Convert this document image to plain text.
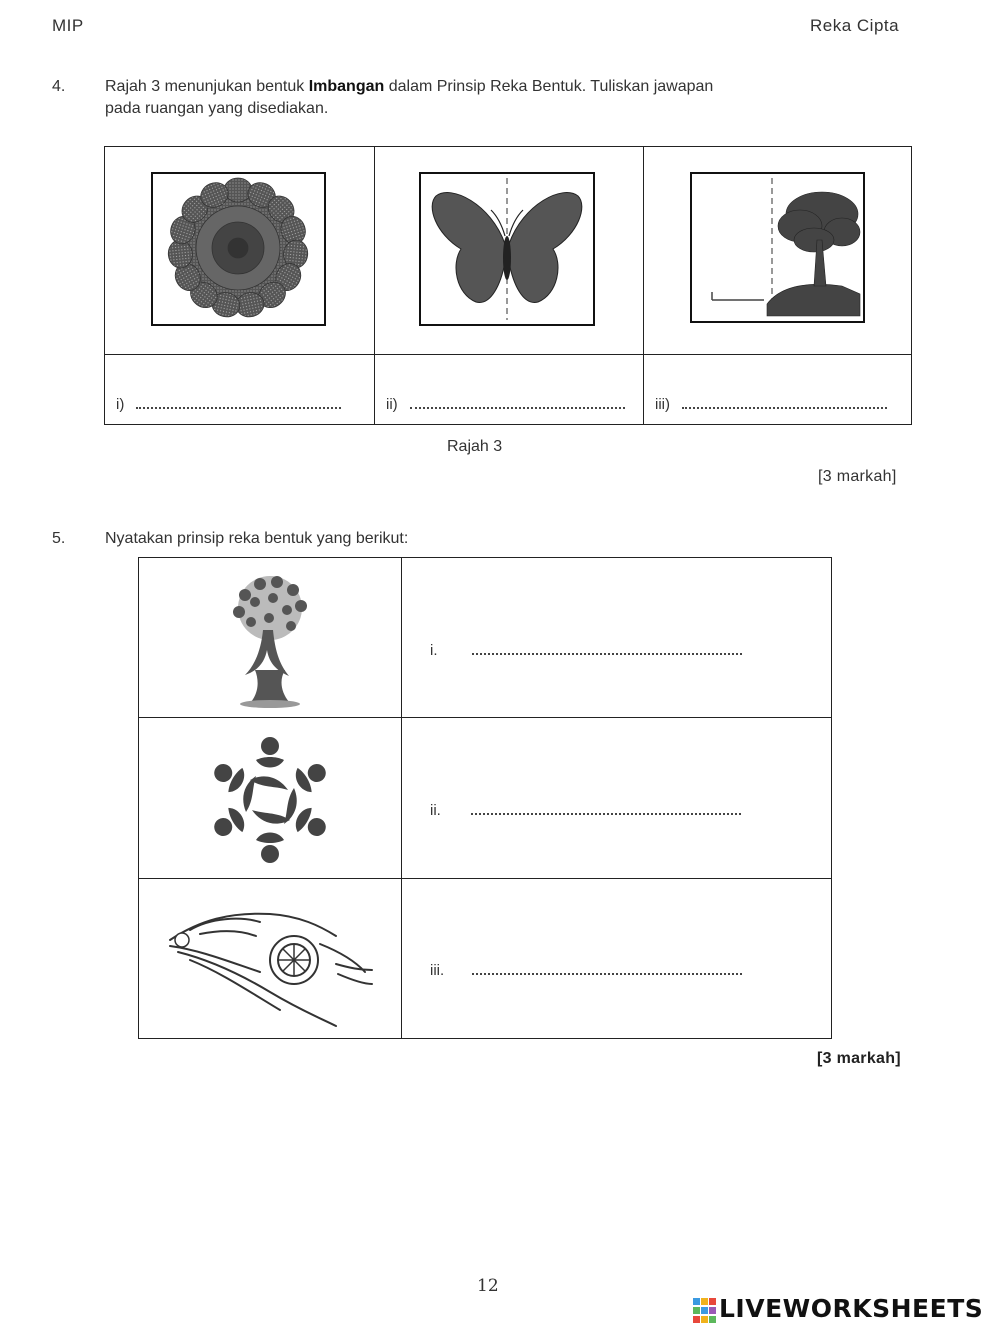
MIP	Reka Cipta
4. Rajah 3 menunjukan bentuk Imbangan dalam Prinsip Reka Bentuk. Tuliskan jawapan
pada ruangan yang disediakan.
i)	ii)	iii)
Rajah 3
[3 markah]
5. Nyatakan prinsip reka bentuk yang berikut:
i.
ii.
iii.
[3 markah]
12
LIVEWORKSHEETS
